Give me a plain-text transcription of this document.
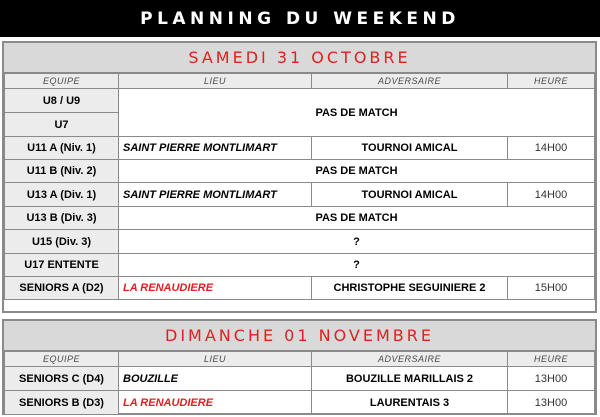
PLANNING DU WEEKEND
SAMEDI 31 OCTOBRE
EQUIPE	LIEU	ADVERSAIRE	HEURE
U8 / U9	PAS DE MATCH		
U7			
U11 A (Niv. 1)	SAINT PIERRE MONTLIMART	TOURNOI AMICAL	14H00
U11 B (Niv. 2)	PAS DE MATCH		
U13 A (Div. 1)	SAINT PIERRE MONTLIMART	TOURNOI AMICAL	14H00
U13 B (Div. 3)	PAS DE MATCH		
U15 (Div. 3)	?		
U17 ENTENTE	?		
SENIORS A (D2)	LA RENAUDIERE	CHRISTOPHE SEGUINIERE 2	15H00
DIMANCHE 01 NOVEMBRE
EQUIPE	LIEU	ADVERSAIRE	HEURE
SENIORS C (D4)	BOUZILLE	BOUZILLE MARILLAIS 2	13H00
SENIORS B (D3)	LA RENAUDIERE	LAURENTAIS 3	13H00
